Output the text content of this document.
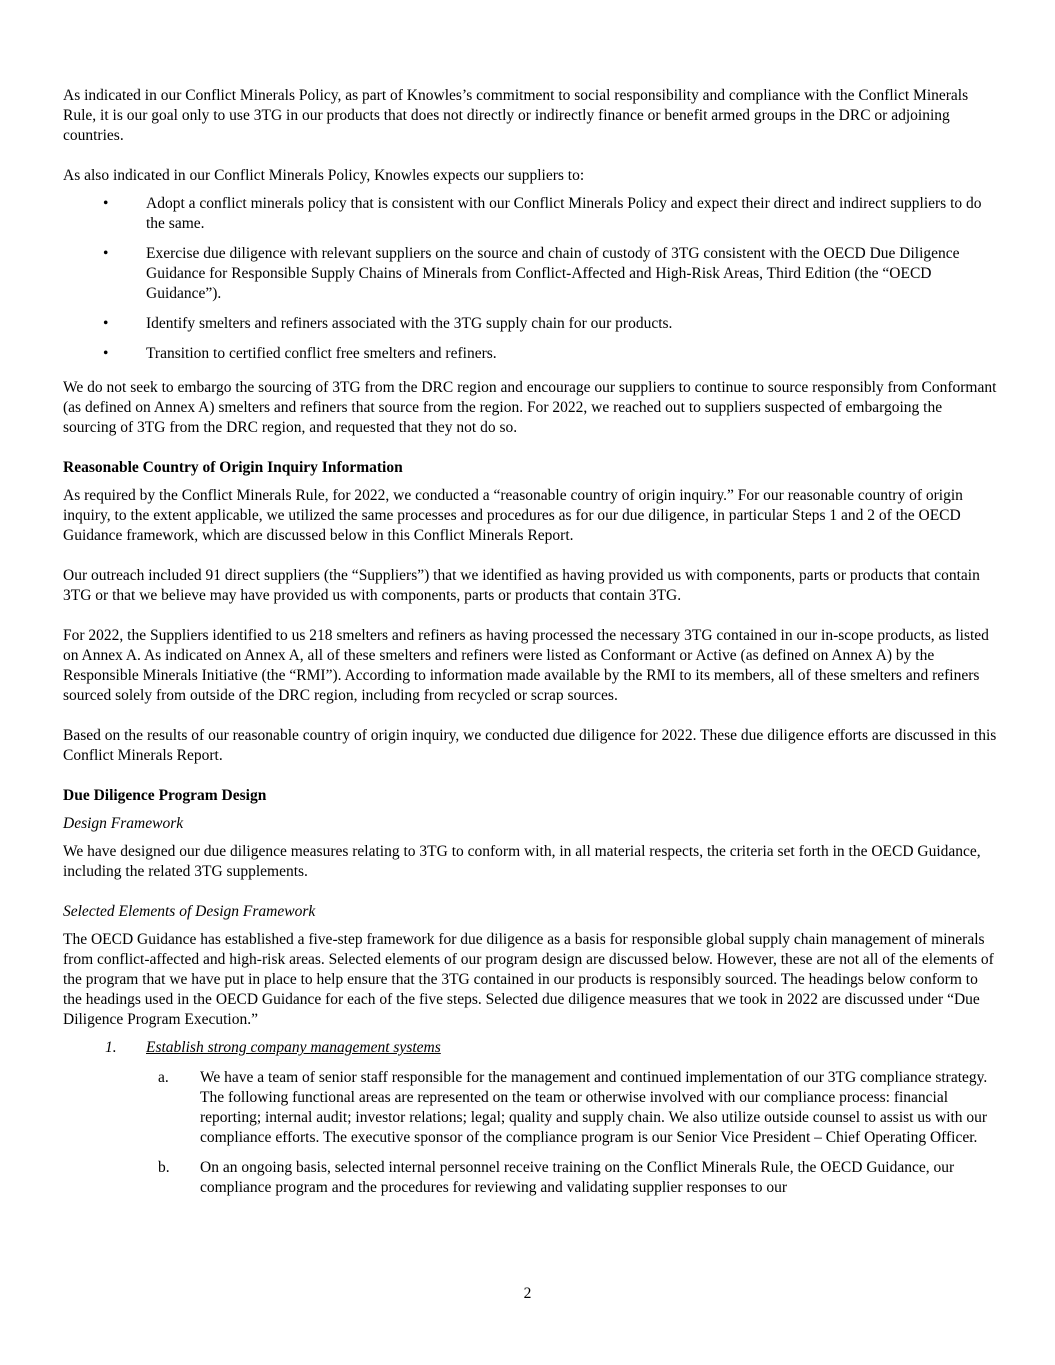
As indicated in our Conflict Minerals Policy, as part of Knowles’s commitment to social responsibility and compliance with the Conflict Minerals Rule, it is our goal only to use 3TG in our products that does not directly or indirectly finance or benefit armed groups in the DRC or adjoining countries.

As also indicated in our Conflict Minerals Policy, Knowles expects our suppliers to:

• Adopt a conflict minerals policy that is consistent with our Conflict Minerals Policy and expect their direct and indirect suppliers to do the same.
• Exercise due diligence with relevant suppliers on the source and chain of custody of 3TG consistent with the OECD Due Diligence Guidance for Responsible Supply Chains of Minerals from Conflict-Affected and High-Risk Areas, Third Edition (the “OECD Guidance”).
• Identify smelters and refiners associated with the 3TG supply chain for our products.
• Transition to certified conflict free smelters and refiners.

We do not seek to embargo the sourcing of 3TG from the DRC region and encourage our suppliers to continue to source responsibly from Conformant (as defined on Annex A) smelters and refiners that source from the region. For 2022, we reached out to suppliers suspected of embargoing the sourcing of 3TG from the DRC region, and requested that they not do so.

Reasonable Country of Origin Inquiry Information

As required by the Conflict Minerals Rule, for 2022, we conducted a “reasonable country of origin inquiry.” For our reasonable country of origin inquiry, to the extent applicable, we utilized the same processes and procedures as for our due diligence, in particular Steps 1 and 2 of the OECD Guidance framework, which are discussed below in this Conflict Minerals Report.

Our outreach included 91 direct suppliers (the “Suppliers”) that we identified as having provided us with components, parts or products that contain 3TG or that we believe may have provided us with components, parts or products that contain 3TG.

For 2022, the Suppliers identified to us 218 smelters and refiners as having processed the necessary 3TG contained in our in-scope products, as listed on Annex A. As indicated on Annex A, all of these smelters and refiners were listed as Conformant or Active (as defined on Annex A) by the Responsible Minerals Initiative (the “RMI”). According to information made available by the RMI to its members, all of these smelters and refiners sourced solely from outside of the DRC region, including from recycled or scrap sources.

Based on the results of our reasonable country of origin inquiry, we conducted due diligence for 2022. These due diligence efforts are discussed in this Conflict Minerals Report.

Due Diligence Program Design

Design Framework

We have designed our due diligence measures relating to 3TG to conform with, in all material respects, the criteria set forth in the OECD Guidance, including the related 3TG supplements.

Selected Elements of Design Framework

The OECD Guidance has established a five-step framework for due diligence as a basis for responsible global supply chain management of minerals from conflict-affected and high-risk areas. Selected elements of our program design are discussed below. However, these are not all of the elements of the program that we have put in place to help ensure that the 3TG contained in our products is responsibly sourced. The headings below conform to the headings used in the OECD Guidance for each of the five steps. Selected due diligence measures that we took in 2022 are discussed under “Due Diligence Program Execution.”

1. Establish strong company management systems
a. We have a team of senior staff responsible for the management and continued implementation of our 3TG compliance strategy. The following functional areas are represented on the team or otherwise involved with our compliance process: financial reporting; internal audit; investor relations; legal; quality and supply chain. We also utilize outside counsel to assist us with our compliance efforts. The executive sponsor of the compliance program is our Senior Vice President – Chief Operating Officer.
b. On an ongoing basis, selected internal personnel receive training on the Conflict Minerals Rule, the OECD Guidance, our compliance program and the procedures for reviewing and validating supplier responses to our
2
